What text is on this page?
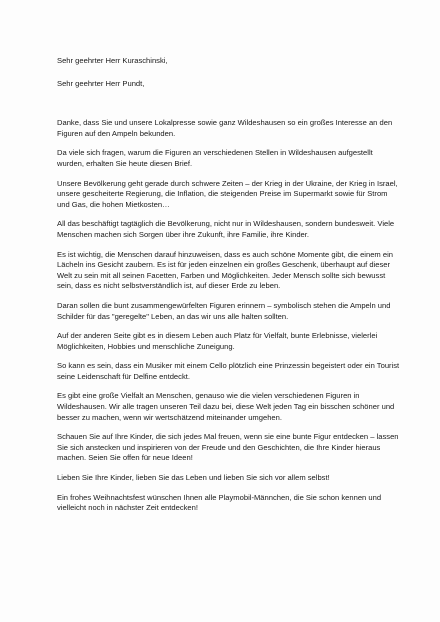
Sehr geehrter Herr Kuraschinski,

Sehr geehrter Herr Pundt,

Danke, dass Sie und unsere Lokalpresse sowie ganz Wildeshausen so ein großes Interesse an den Figuren auf den Ampeln bekunden.

Da viele sich fragen, warum die Figuren an verschiedenen Stellen in Wildeshausen aufgestellt wurden, erhalten Sie heute diesen Brief.

Unsere Bevölkerung geht gerade durch schwere Zeiten – der Krieg in der Ukraine, der Krieg in Israel, unsere gescheiterte Regierung, die Inflation, die steigenden Preise im Supermarkt sowie für Strom und Gas, die hohen Mietkosten…

All das beschäftigt tagtäglich die Bevölkerung, nicht nur in Wildeshausen, sondern bundesweit. Viele Menschen machen sich Sorgen über ihre Zukunft, ihre Familie, ihre Kinder.

Es ist wichtig, die Menschen darauf hinzuweisen, dass es auch schöne Momente gibt, die einem ein Lächeln ins Gesicht zaubern. Es ist für jeden einzelnen ein großes Geschenk, überhaupt auf dieser Welt zu sein mit all seinen Facetten, Farben und Möglichkeiten. Jeder Mensch sollte sich bewusst sein, dass es nicht selbstverständlich ist, auf dieser Erde zu leben.

Daran sollen die bunt zusammengewürfelten Figuren erinnern – symbolisch stehen die Ampeln und Schilder für das "geregelte" Leben, an das wir uns alle halten sollten.

Auf der anderen Seite gibt es in diesem Leben auch Platz für Vielfalt, bunte Erlebnisse, vielerlei Möglichkeiten, Hobbies und menschliche Zuneigung.

So kann es sein, dass ein Musiker mit einem Cello plötzlich eine Prinzessin begeistert oder ein Tourist seine Leidenschaft für Delfine entdeckt.

Es gibt eine große Vielfalt an Menschen, genauso wie die vielen verschiedenen Figuren in Wildeshausen. Wir alle tragen unseren Teil dazu bei, diese Welt jeden Tag ein bisschen schöner und besser zu machen, wenn wir wertschätzend miteinander umgehen.

Schauen Sie auf Ihre Kinder, die sich jedes Mal freuen, wenn sie eine bunte Figur entdecken – lassen Sie sich anstecken und inspirieren von der Freude und den Geschichten, die Ihre Kinder hieraus machen. Seien Sie offen für neue Ideen!

Lieben Sie Ihre Kinder, lieben Sie das Leben und lieben Sie sich vor allem selbst!

Ein frohes Weihnachtsfest wünschen Ihnen alle Playmobil-Männchen, die Sie schon kennen und vielleicht noch in nächster Zeit entdecken!
